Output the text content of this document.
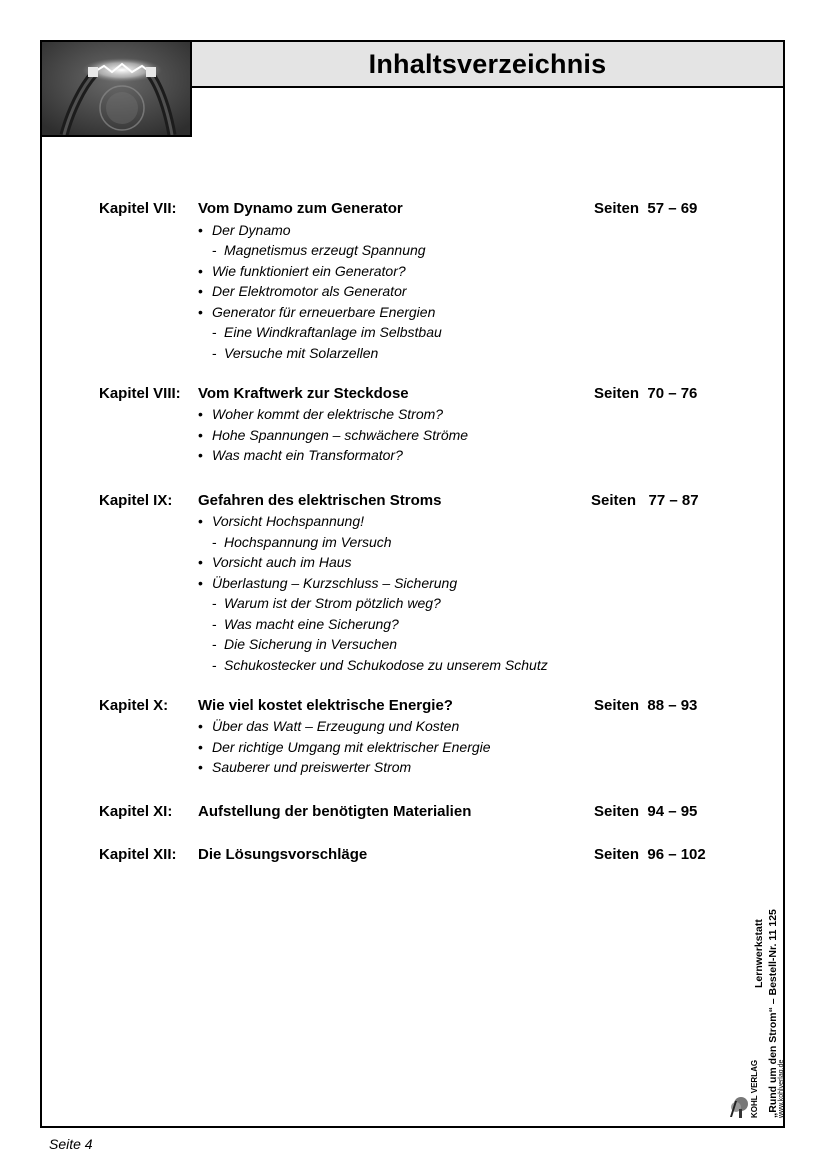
Inhaltsverzeichnis
Kapitel VII: Vom Dynamo zum Generator	Seiten  57 – 69
• Der Dynamo
- Magnetismus erzeugt Spannung
• Wie funktioniert ein Generator?
• Der Elektromotor als Generator
• Generator für erneuerbare Energien
- Eine Windkraftanlage im Selbstbau
- Versuche mit Solarzellen
Kapitel VIII: Vom Kraftwerk zur Steckdose	Seiten  70 – 76
• Woher kommt der elektrische Strom?
• Hohe Spannungen – schwächere Ströme
• Was macht ein Transformator?
Kapitel IX: Gefahren des elektrischen Stroms	Seiten   77 – 87
• Vorsicht Hochspannung!
- Hochspannung im Versuch
• Vorsicht auch im Haus
• Überlastung – Kurzschluss – Sicherung
- Warum ist der Strom pötzlich weg?
- Was macht eine Sicherung?
- Die Sicherung in Versuchen
- Schukostecker und Schukodose zu unserem Schutz
Kapitel X: Wie viel kostet elektrische Energie?	Seiten  88 – 93
• Über das Watt – Erzeugung und Kosten
• Der richtige Umgang mit elektrischer Energie
• Sauberer und preiswerter Strom
Kapitel XI: Aufstellung der benötigten Materialien	Seiten  94 – 95
Kapitel XII: Die Lösungsvorschläge	Seiten  96 – 102
KOHL VERLAG	www.kohlverlag.de
Lernwerkstatt „Rund um den Strom“ – Bestell-Nr. 11 125
Seite 4
